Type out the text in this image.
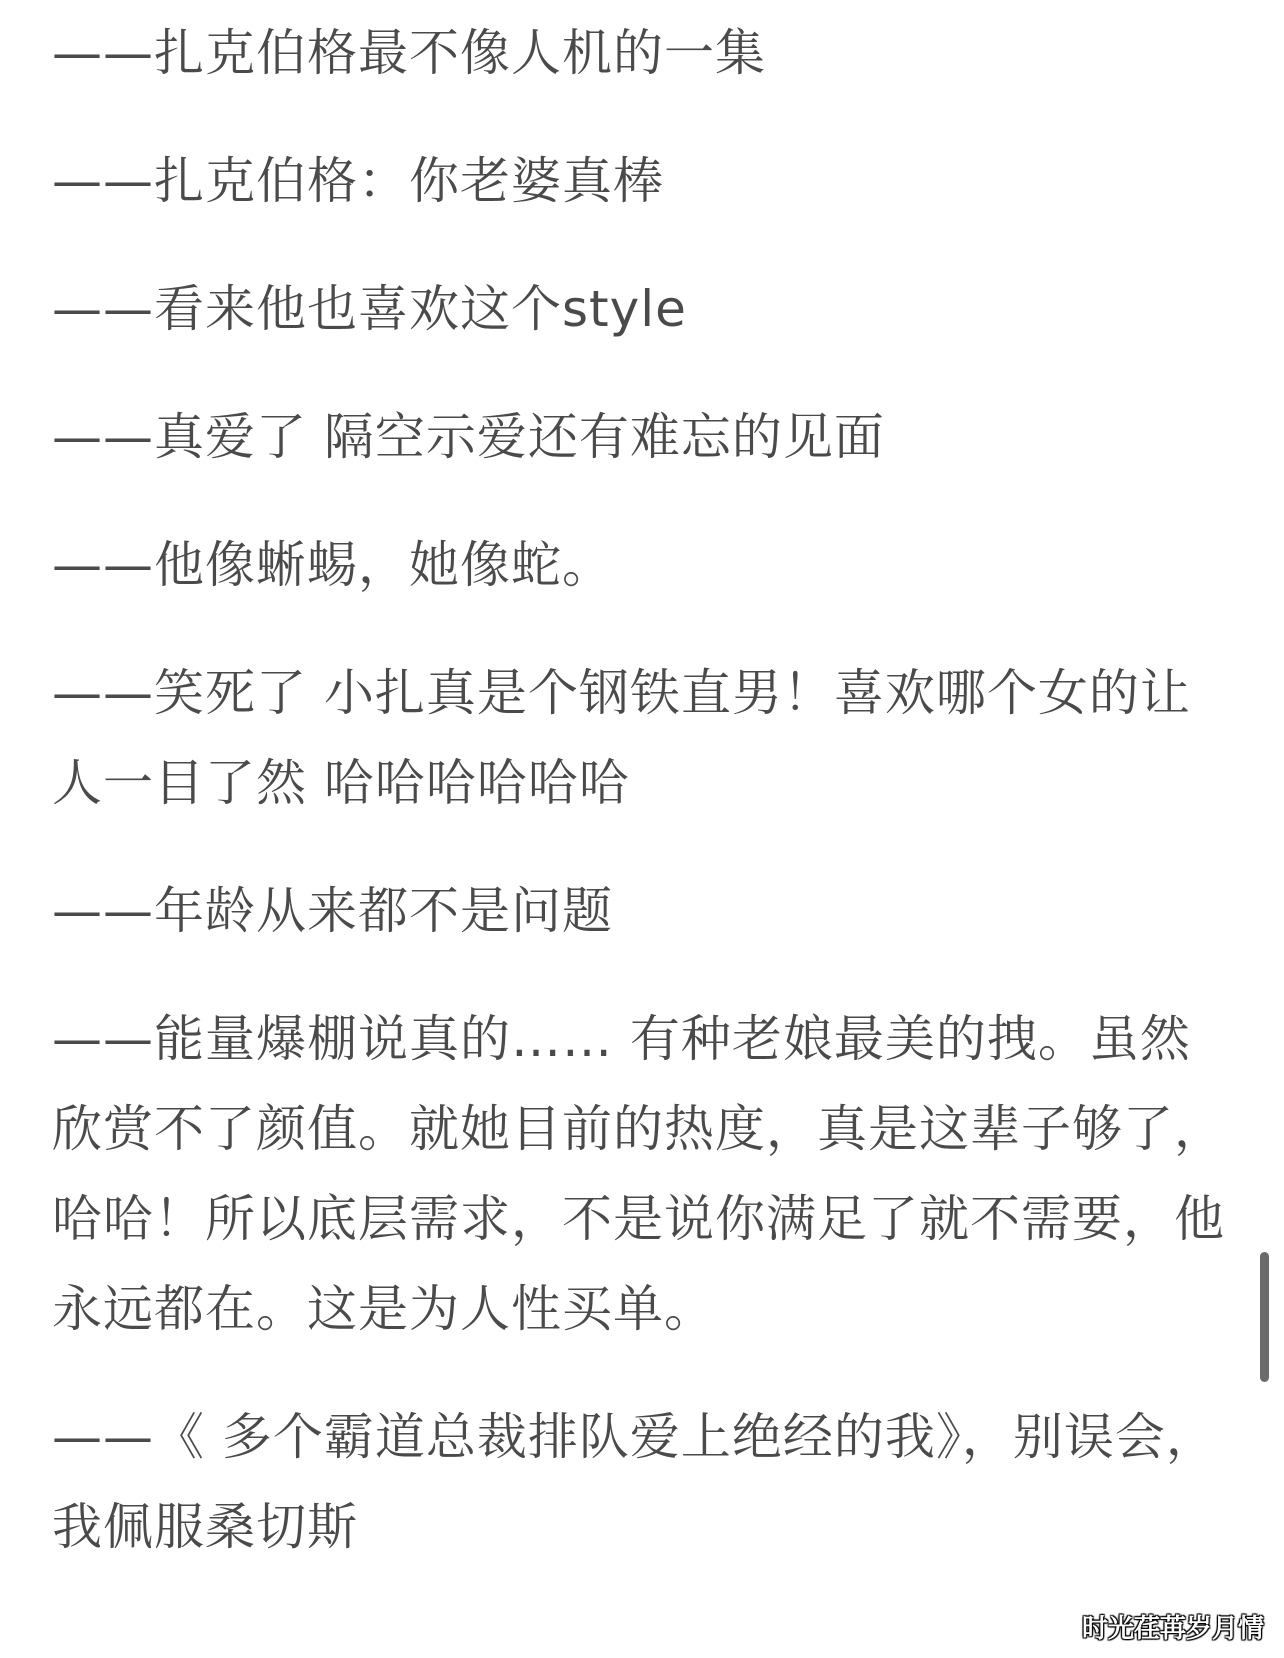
——扎克伯格最不像人机的一集

——扎克伯格：你老婆真棒

——看来他也喜欢这个style

——真爱了 隔空示爱还有难忘的见面

——他像蜥蜴，她像蛇。

——笑死了 小扎真是个钢铁直男！喜欢哪个女的让人一目了然 哈哈哈哈哈哈

——年龄从来都不是问题

——能量爆棚说真的…… 有种老娘最美的拽。虽然欣赏不了颜值。就她目前的热度，真是这辈子够了，哈哈！所以底层需求，不是说你满足了就不需要，他永远都在。这是为人性买单。

——《 多个霸道总裁排队爱上绝经的我》，别误会，我佩服桑切斯

时光荏苒岁月情
